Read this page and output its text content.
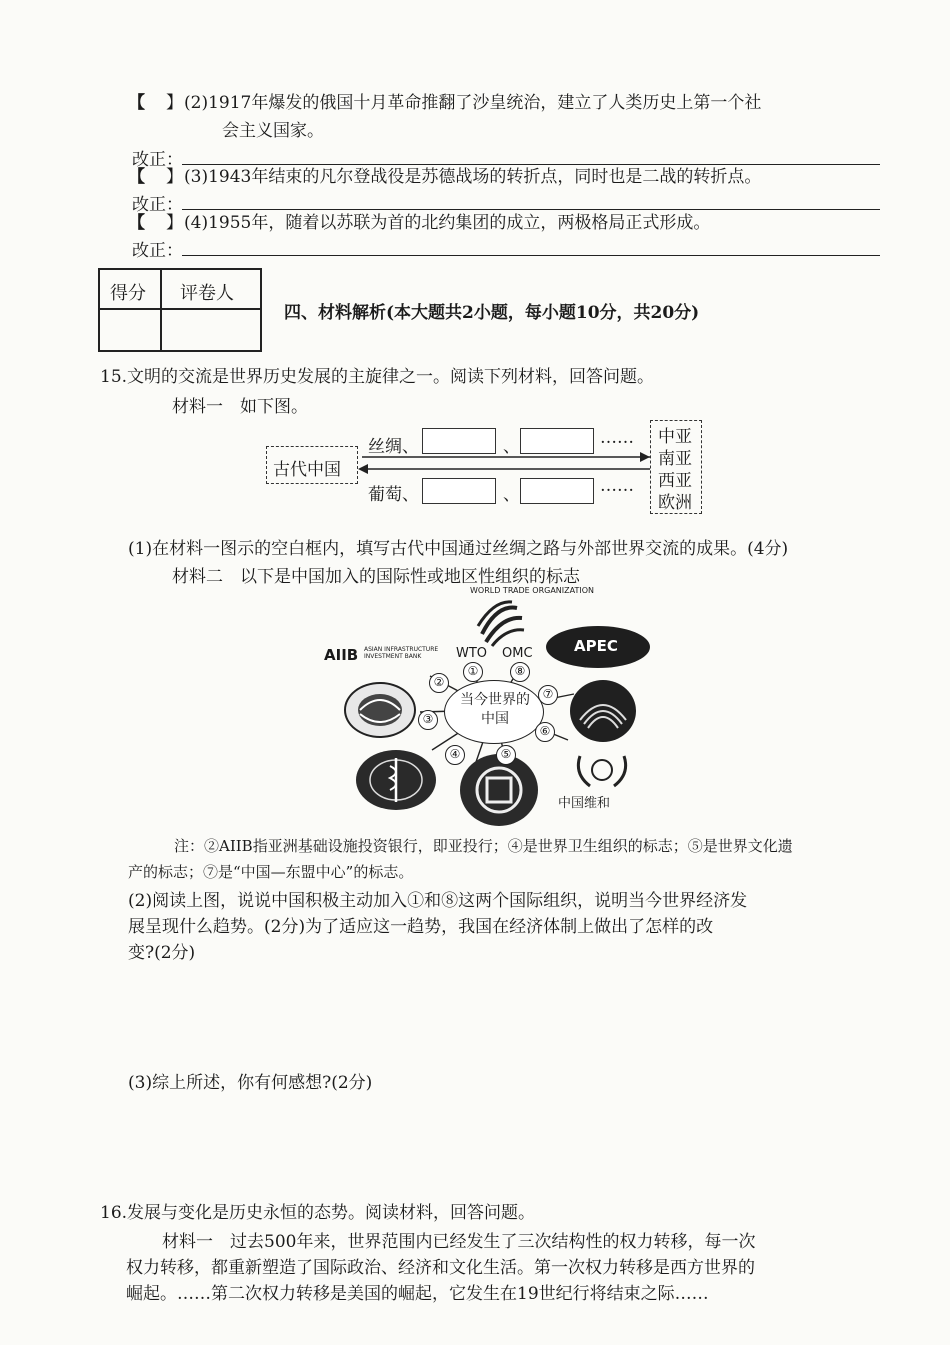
【 】 (2)1917年爆发的俄国十月革命推翻了沙皇统治，建立了人类历史上第一个社
会主义国家。
改正：
【 】 (3)1943年结束的凡尔登战役是苏德战场的转折点，同时也是二战的转折点。
改正：
【 】 (4)1955年，随着以苏联为首的北约集团的成立，两极格局正式形成。
改正：
得分 评卷人
四、材料解析(本大题共2小题，每小题10分，共20分)
15.文明的交流是世界历史发展的主旋律之一。阅读下列材料，回答问题。
材料一　如下图。
古代中国
丝绸、	、	……
葡萄、	、	……
中亚
南亚
西亚
欧洲
(1)在材料一图示的空白框内，填写古代中国通过丝绸之路与外部世界交流的成果。(4分)
材料二　以下是中国加入的国际性或地区性组织的标志
WORLD TRADE ORGANIZATION
WTO OMC
AIIB ASIAN INFRASTRUCTURE INVESTMENT BANK
APEC
中国维和
当今世界的中国
①
②
③
④	⑤
⑥
⑦
⑧
注：②AIIB指亚洲基础设施投资银行，即亚投行；④是世界卫生组织的标志；⑤是世界文化遗
产的标志；⑦是“中国—东盟中心”的标志。
(2)阅读上图，说说中国积极主动加入①和⑧这两个国际组织，说明当今世界经济发
展呈现什么趋势。(2分)为了适应这一趋势，我国在经济体制上做出了怎样的改
变?(2分)
(3)综上所述，你有何感想?(2分)
16.发展与变化是历史永恒的态势。阅读材料，回答问题。
材料一　过去500年来，世界范围内已经发生了三次结构性的权力转移，每一次
权力转移，都重新塑造了国际政治、经济和文化生活。第一次权力转移是西方世界的
崛起。……第二次权力转移是美国的崛起，它发生在19世纪行将结束之际……
